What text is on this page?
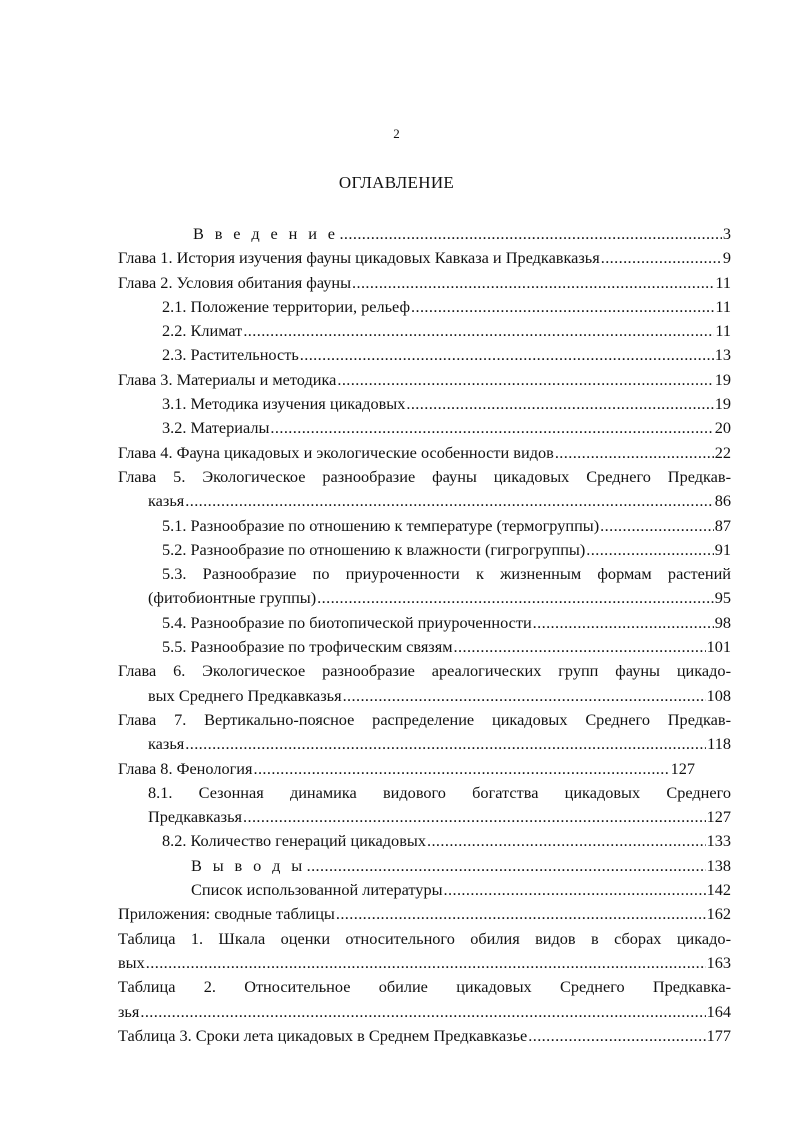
2
ОГЛАВЛЕНИЕ
В в е д е н и е .....	3
Глава 1. История изучения фауны цикадовых Кавказа и Предкавказья .....	9
Глава 2. Условия обитания фауны .....	11
2.1. Положение территории, рельеф .....	11
2.2. Климат .....	11
2.3. Растительность .....	13
Глава 3. Материалы и методика .....	19
3.1. Методика изучения цикадовых .....	19
3.2. Материалы .....	20
Глава 4. Фауна цикадовых и экологические особенности видов .....	22
Глава 5. Экологическое разнообразие фауны цикадовых Среднего Предкав-
казья .....	86
5.1. Разнообразие по отношению к температуре (термогруппы) .....	87
5.2. Разнообразие по отношению к влажности (гигрогруппы) .....	91
5.3. Разнообразие по приуроченности к жизненным формам растений
(фитобионтные группы) .....	95
5.4. Разнообразие по биотопической приуроченности .....	98
5.5. Разнообразие по трофическим связям .....	101
Глава 6. Экологическое разнообразие ареалогических групп фауны цикадо-
вых Среднего Предкавказья .....	108
Глава 7. Вертикально-поясное распределение цикадовых Среднего Предкав-
казья .....	118
Глава 8. Фенология .....	127
8.1. Сезонная динамика видового богатства цикадовых Среднего
Предкавказья .....	127
8.2. Количество генераций цикадовых .....	133
В ы в о д ы .....	138
Список использованной литературы .....	142
Приложения: сводные таблицы .....	162
Таблица 1. Шкала оценки относительного обилия видов в сборах цикадо-
вых .....	163
Таблица 2. Относительное обилие цикадовых Среднего Предкавка-
зья .....	164
Таблица 3. Сроки лета цикадовых в Среднем Предкавказье .....	177
